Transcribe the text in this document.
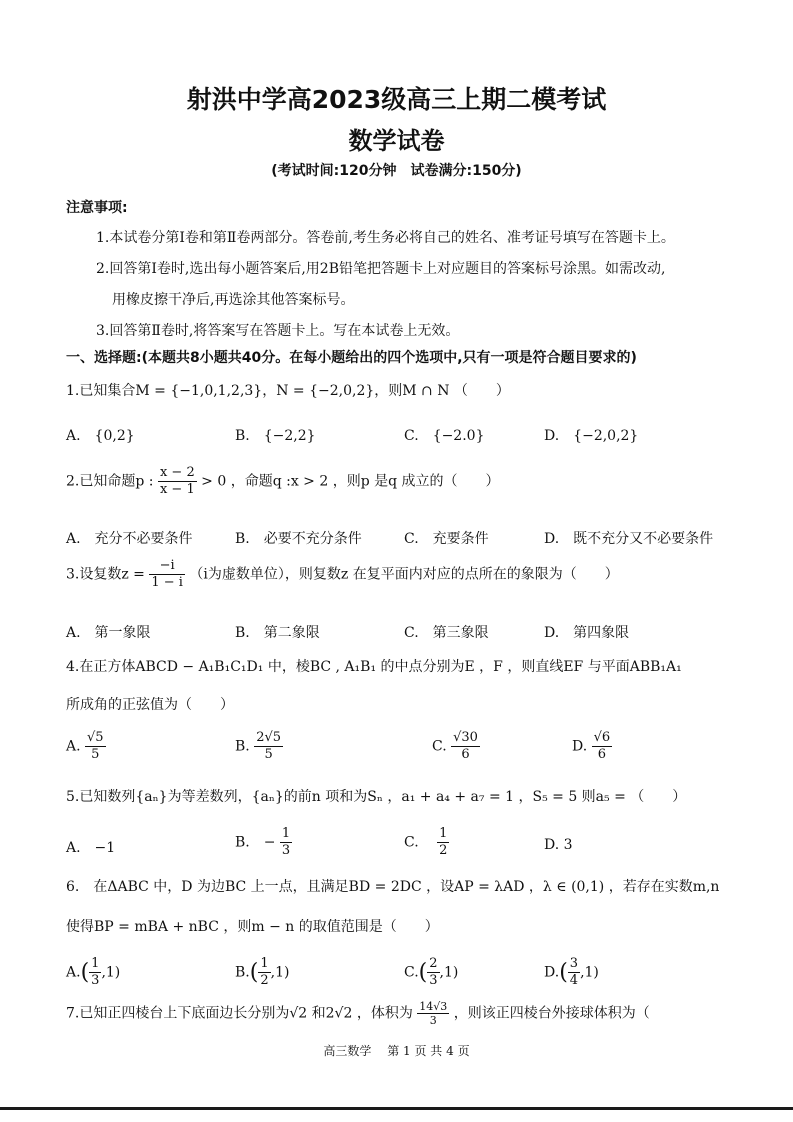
射洪中学高2023级高三上期二模考试
数学试卷
(考试时间:120分钟　试卷满分:150分)
注意事项:
1.本试卷分第Ⅰ卷和第Ⅱ卷两部分。答卷前,考生务必将自己的姓名、准考证号填写在答题卡上。
2.回答第Ⅰ卷时,选出每小题答案后,用2B铅笔把答题卡上对应题目的答案标号涂黑。如需改动,
用橡皮擦干净后,再选涂其他答案标号。
3.回答第Ⅱ卷时,将答案写在答题卡上。写在本试卷上无效。
一、选择题:(本题共8小题共40分。在每小题给出的四个选项中,只有一项是符合题目要求的)
1.已知集合M = {−1,0,1,2,3}，N = {−2,0,2}，则M ∩ N （　　）
A.　{0,2}	B.　{−2,2}	C.　{−2.0}	D.　{−2,0,2}
2.已知命题p : $\frac{x - 2}{x - 1} > 0$ ，命题q :x > 2 ，则p 是q 成立的（　　）
A.　充分不必要条件	B.　必要不充分条件	C.　充要条件	D.　既不充分又不必要条件
3.设复数$z = \frac{-i}{1 - i} (i$为虚数单位），则复数z 在复平面内对应的点所在的象限为（　　）
A.　第一象限	B.　第二象限	C.　第三象限	D.　第四象限
4.在正方体ABCD − A₁B₁C₁D₁ 中，棱BC , A₁B₁ 的中点分别为E ，F ，则直线EF 与平面ABB₁A₁
所成角的正弦值为（　　）
A. $\frac{√5}{5}$	B. $\frac{2√5}{5}$	C. $\frac{√30}{6}$	D. $\frac{√6}{6}$
5.已知数列{aₙ}为等差数列，{aₙ}的前n 项和为Sₙ ，a₁ + a₄ + a₇ = 1 ，S₅ = 5 则a₅ = （　　）
A.　−1	B.　− $\frac{1}{3}$	C.　 $\frac{1}{2}$	D. 3
6.　在ΔABC 中，D 为边BC 上一点，且满足BD = 2DC ，设AP = λAD ，λ ∈ (0,1) ，若存在实数m,n
使得BP = mBA + nBC ，则m − n 的取值范围是（　　）
$A.( \frac{1}{3} ,1)$	$B.( \frac{1}{2} ,1)$	$C.( \frac{2}{3} ,1)$	$D.( \frac{3}{4} ,1)$
7.已知正四棱台上下底面边长分别为√2 和2√2 ，体积为 $\frac{14√3}{3}$ ，则该正四棱台外接球体积为（
高三数学　 第 1 页 共 4 页
